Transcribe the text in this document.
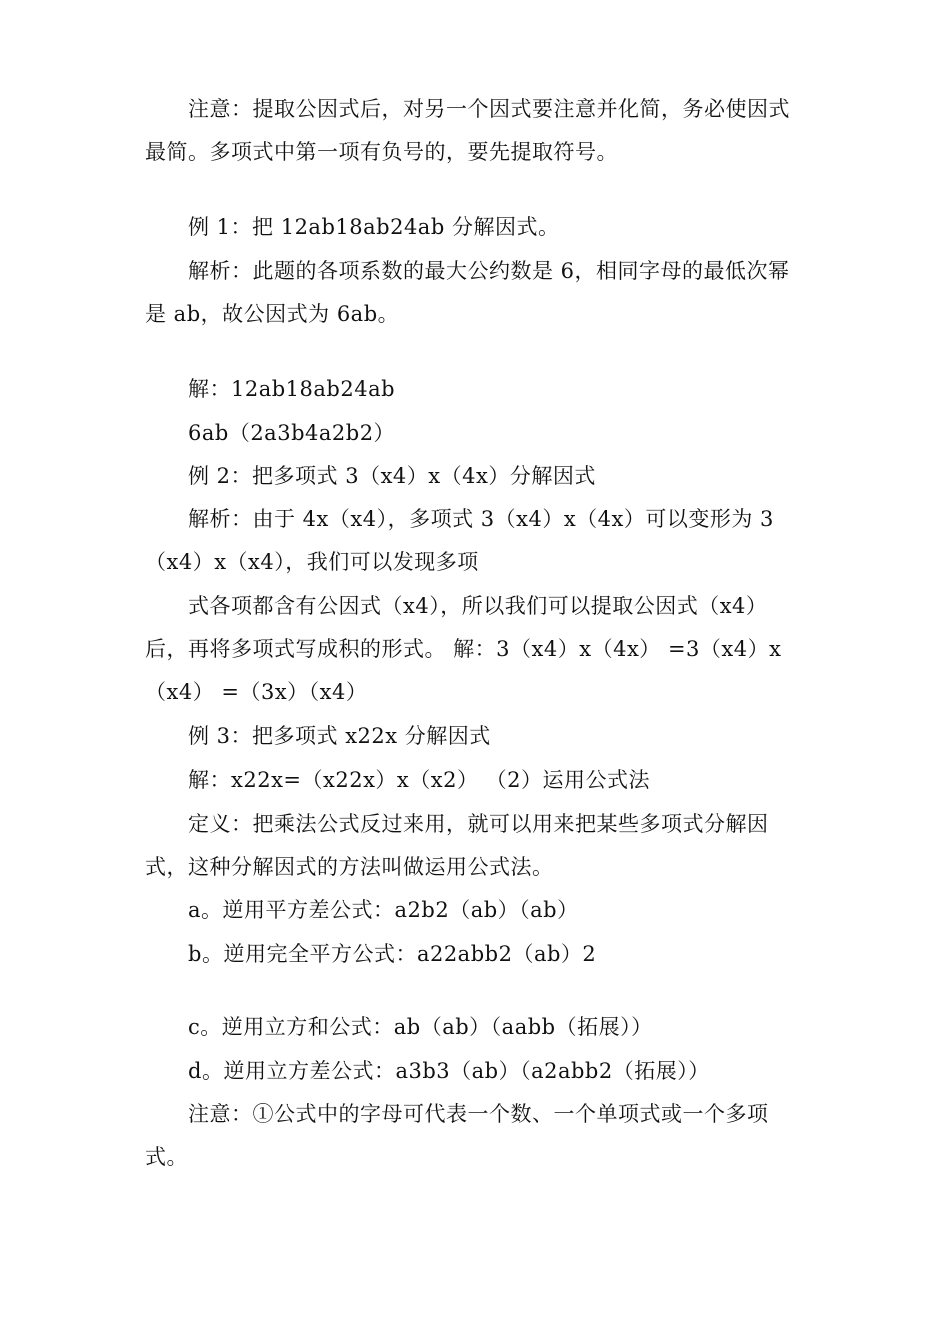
注意：提取公因式后，对另一个因式要注意并化简，务必使因式最简。多项式中第一项有负号的，要先提取符号。

例 1：把 12ab18ab24ab 分解因式。

解析：此题的各项系数的最大公约数是 6，相同字母的最低次幂是 ab，故公因式为 6ab。

解：12ab18ab24ab

6ab（2a3b4a2b2）

例 2：把多项式 3（x4）x（4x）分解因式

解析：由于 4x（x4），多项式 3（x4）x（4x）可以变形为 3（x4）x（x4），我们可以发现多项

式各项都含有公因式（x4），所以我们可以提取公因式（x4）后，再将多项式写成积的形式。 解：3（x4）x（4x） =3（x4）x（x4） =（3x）（x4）

例 3：把多项式 x22x 分解因式

解：x22x=（x22x）x（x2） （2）运用公式法

定义：把乘法公式反过来用，就可以用来把某些多项式分解因式，这种分解因式的方法叫做运用公式法。

a。逆用平方差公式：a2b2（ab）（ab）

b。逆用完全平方公式：a22abb2（ab）2

c。逆用立方和公式：ab（ab）（aabb（拓展））

d。逆用立方差公式：a3b3（ab）（a2abb2（拓展））

注意：①公式中的字母可代表一个数、一个单项式或一个多项式。
